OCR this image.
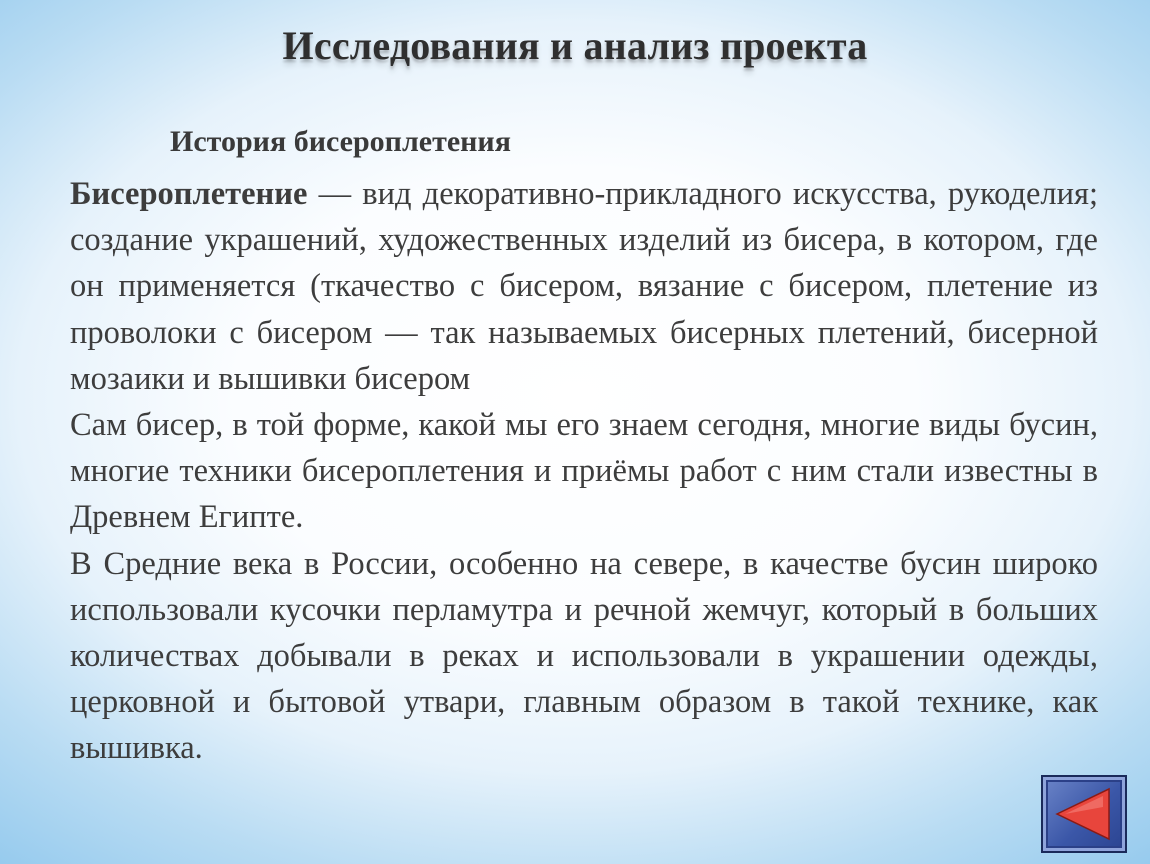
Исследования и анализ проекта
История бисероплетения

Бисероплетение — вид декоративно-прикладного искусства, рукоделия; создание украшений, художественных изделий из бисера, в котором, где он применяется (ткачество с бисером, вязание с бисером, плетение из проволоки с бисером — так называемых бисерных плетений, бисерной мозаики и вышивки бисером

Сам бисер, в той форме, какой мы его знаем сегодня, многие виды бусин, многие техники бисероплетения и приёмы работ с ним стали известны в Древнем Египте.

В Средние века в России, особенно на севере, в качестве бусин широко использовали кусочки перламутра и речной жемчуг, который в больших количествах добывали в реках и использовали в украшении одежды, церковной и бытовой утвари, главным образом в такой технике, как вышивка.
